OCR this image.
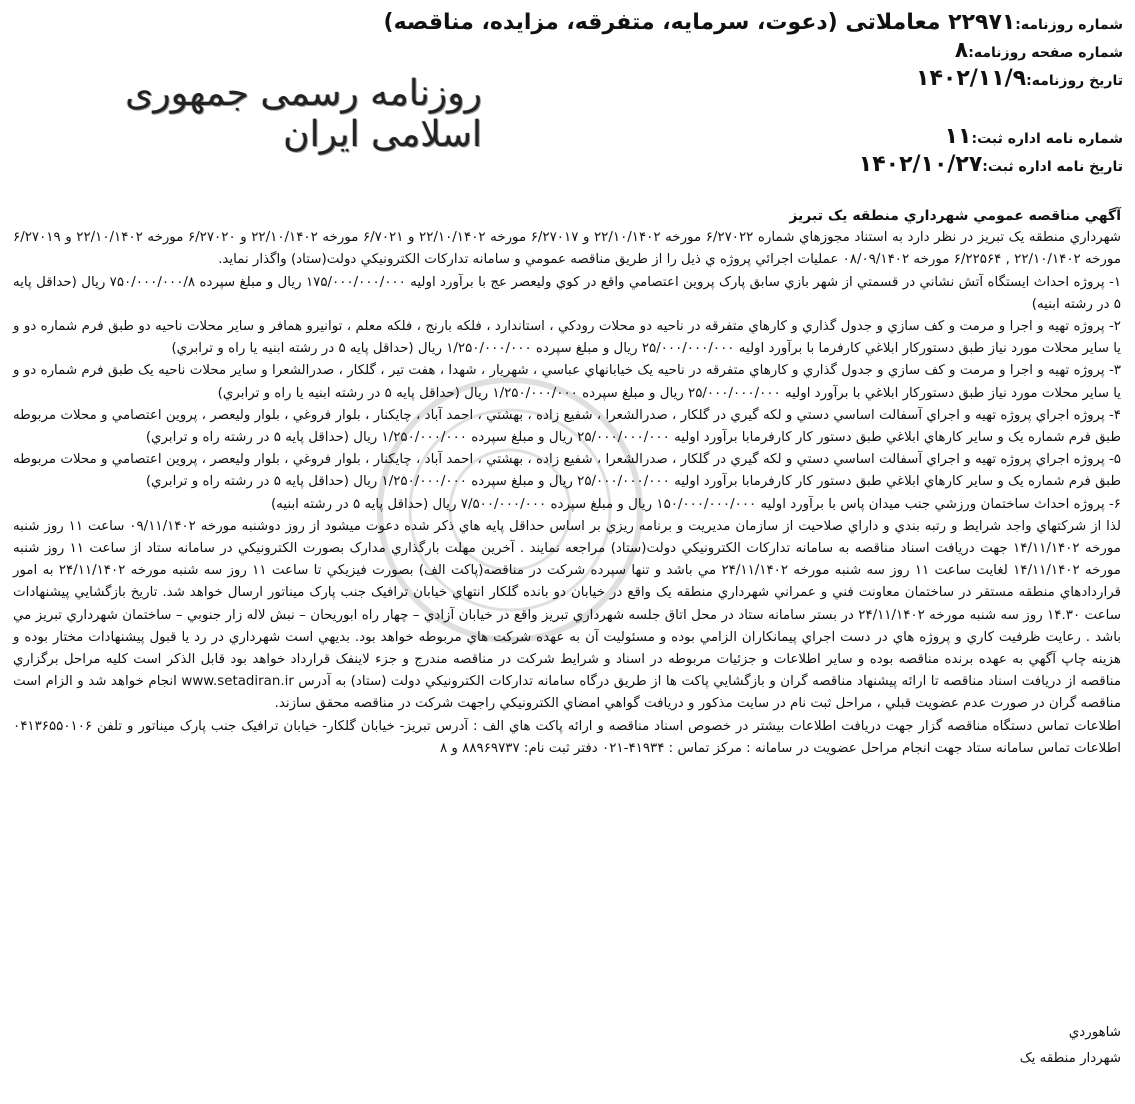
شماره روزنامه:۲۲۹۷۱ معاملاتی (دعوت، سرمایه، متفرقه، مزایده، مناقصه)
شماره صفحه روزنامه:۸
تاریخ روزنامه:۱۴۰۲/۱۱/۹
شماره نامه اداره ثبت:۱۱
تاریخ نامه اداره ثبت:۱۴۰۲/۱۰/۲۷
روزنامه رسمی جمهوری اسلامی ایران
آگهي مناقصه عمومي شهرداري منطقه يک تبريز

شهرداري منطقه يک تبريز در نظر دارد به استناد مجوزهاي شماره ۶/۲۷۰۲۲ مورخه ۲۲/۱۰/۱۴۰۲ و ۶/۲۷۰۱۷ مورخه ۲۲/۱۰/۱۴۰۲ و ۶/۷۰۲۱ مورخه ۲۲/۱۰/۱۴۰۲ و ۶/۲۷۰۲۰ مورخه ۲۲/۱۰/۱۴۰۲ و ۶/۲۷۰۱۹ مورخه ۲۲/۱۰/۱۴۰۲ , ۶/۲۲۵۶۴ مورخه ۰۸/۰۹/۱۴۰۲ عمليات اجرائي پروژه ي ذيل را از طريق مناقصه عمومي و سامانه تدارکات الکترونيکي دولت(ستاد) واگذار نمايد.

۱- پروژه احداث ايستگاه آتش نشاني در قسمتي از شهر بازي سابق پارک پروين اعتصامي واقع در کوي وليعصر عج با برآورد اوليه ۱۷۵/۰۰۰/۰۰۰/۰۰۰ ريال و مبلغ سپرده ۷۵۰/۰۰۰/۰۰۰/۸ ريال (حداقل پايه ۵ در رشته ابنيه)

۲- پروژه تهيه و اجرا و مرمت و کف سازي و جدول گذاري و کارهاي متفرقه در ناحيه دو محلات رودکي ، استاندارد ، فلکه بارنج ، فلکه معلم ، توانيرو همافر و ساير محلات ناحيه دو طبق فرم شماره دو و يا ساير محلات مورد نياز طبق دستورکار ابلاغي کارفرما با برآورد اوليه ۲۵/۰۰۰/۰۰۰/۰۰۰ ريال و مبلغ سپرده ۱/۲۵۰/۰۰۰/۰۰۰ ريال (حداقل پايه ۵ در رشته ابنيه يا راه و ترابري)

۳- پروژه تهيه و اجرا و مرمت و کف سازي و جدول گذاري و کارهاي متفرقه در ناحيه يک خيابانهاي عباسي ، شهريار ، شهدا ، هفت تير ، گلکار ، صدرالشعرا و ساير محلات ناحيه يک طبق فرم شماره دو و يا ساير محلات مورد نياز طبق دستورکار ابلاغي با برآورد اوليه ۲۵/۰۰۰/۰۰۰/۰۰۰ ريال و مبلغ سپرده ۱/۲۵۰/۰۰۰/۰۰۰ ريال (حداقل پايه ۵ در رشته ابنيه يا راه و ترابري)

۴- پروژه اجراي پروژه تهيه و اجراي آسفالت اساسي دستي و لکه گيري در گلکار ، صدرالشعرا ، شفيع زاده ، بهشتي ، احمد آباد ، چايکنار ، بلوار فروغي ، بلوار وليعصر ، پروين اعتصامي و محلات مربوطه طبق فرم شماره يک و ساير کارهاي ابلاغي طبق دستور کار کارفرمابا برآورد اوليه ۲۵/۰۰۰/۰۰۰/۰۰۰ ريال و مبلغ سپرده ۱/۲۵۰/۰۰۰/۰۰۰ ريال (حداقل پايه ۵ در رشته راه و ترابري)

۵- پروژه اجراي پروژه تهيه و اجراي آسفالت اساسي دستي و لکه گيري در گلکار ، صدرالشعرا ، شفيع زاده ، بهشتي ، احمد آباد ، چايکنار ، بلوار فروغي ، بلوار وليعصر ، پروين اعتصامي و محلات مربوطه طبق فرم شماره يک و ساير کارهاي ابلاغي طبق دستور کار کارفرمابا برآورد اوليه ۲۵/۰۰۰/۰۰۰/۰۰۰ ريال و مبلغ سپرده ۱/۲۵۰/۰۰۰/۰۰۰ ريال (حداقل پايه ۵ در رشته راه و ترابري)

۶- پروژه احداث ساختمان ورزشي جنب ميدان پاس با برآورد اوليه ۱۵۰/۰۰۰/۰۰۰/۰۰۰ ريال و مبلغ سپرده ۷/۵۰۰/۰۰۰/۰۰۰ ريال (حداقل پايه ۵ در رشته ابنيه)

لذا از شرکتهاي واجد شرايط و رتبه بندي و داراي صلاحيت از سازمان مديريت و برنامه ريزي بر اساس حداقل پايه هاي ذکر شده دعوت ميشود از روز دوشنبه مورخه ۰۹/۱۱/۱۴۰۲ ساعت ۱۱ روز شنبه مورخه ۱۴/۱۱/۱۴۰۲ جهت دريافت اسناد مناقصه به سامانه تدارکات الکترونيکي دولت(ستاد) مراجعه نمايند . آخرين مهلت بارگذاري مدارک بصورت الکترونيکي در سامانه ستاد از ساعت ۱۱ روز شنبه مورخه ۱۴/۱۱/۱۴۰۲ لغايت ساعت ۱۱ روز سه شنبه مورخه ۲۴/۱۱/۱۴۰۲ مي باشد و تنها سپرده شرکت در مناقصه(پاکت الف) بصورت فيزيکي تا ساعت ۱۱ روز سه شنبه مورخه ۲۴/۱۱/۱۴۰۲ به امور قراردادهاي منطقه مستقر در ساختمان معاونت فني و عمراني شهرداري منطقه يک واقع در خيابان دو بانده گلکار انتهاي خيابان ترافيک جنب پارک ميناتور ارسال خواهد شد. تاريخ بازگشايي پيشنهادات ساعت ۱۴.۳۰ روز سه شنبه مورخه ۲۴/۱۱/۱۴۰۲ در بستر سامانه ستاد در محل اتاق جلسه شهرداري تبريز واقع در خيابان آزادي – چهار راه ابوريحان – نبش لاله زار جنوبي – ساختمان شهرداري تبريز مي باشد . رعايت ظرفيت کاري و پروژه هاي در دست اجراي پيمانکاران الزامي بوده و مسئوليت آن به عهده شرکت هاي مربوطه خواهد بود. بديهي است شهرداري در رد يا قبول پيشنهادات مختار بوده و هزينه چاپ آگهي به عهده برنده مناقصه بوده و ساير اطلاعات و جزئيات مربوطه در اسناد و شرايط شرکت در مناقصه مندرج و جزء لاينفک قرارداد خواهد بود قابل الذکر است کليه مراحل برگزاري مناقصه از دريافت اسناد مناقصه تا ارائه پيشنهاد مناقصه گران و بازگشايي پاکت ها از طريق درگاه سامانه تدارکات الکترونيکي دولت (ستاد) به آدرس www.setadiran.ir انجام خواهد شد و الزام است مناقصه گران در صورت عدم عضويت قبلي ، مراحل ثبت نام در سايت مذکور و دريافت گواهي امضاي الکترونيکي راجهت شرکت در مناقصه محقق سازند.

اطلاعات تماس دستگاه مناقصه گزار جهت دريافت اطلاعات بيشتر در خصوص اسناد مناقصه و ارائه پاکت هاي الف : آدرس تبريز- خيابان گلکار- خيابان ترافيک جنب پارک ميناتور و تلفن ۰۴۱۳۶۵۵۰۱۰۶ اطلاعات تماس سامانه ستاد جهت انجام مراحل عضويت در سامانه : مرکز تماس : ۴۱۹۳۴-۰۲۱ دفتر ثبت نام: ۸۸۹۶۹۷۳۷ و ۸

شاهوردي
شهردار منطقه يک
